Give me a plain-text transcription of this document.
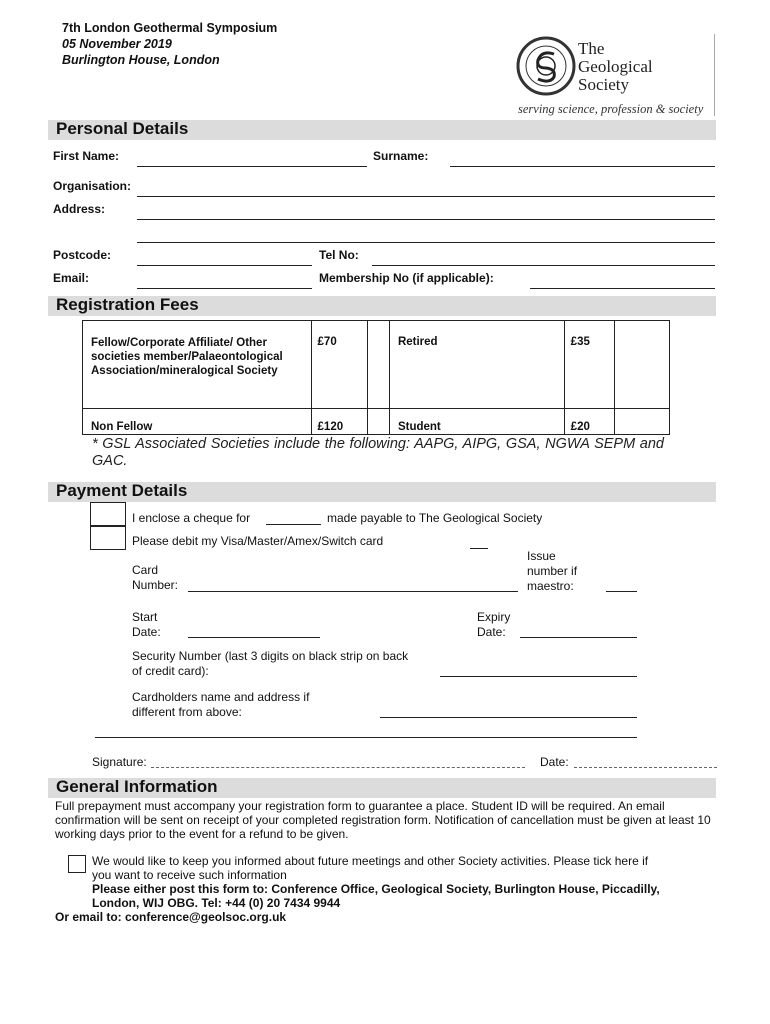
7th London Geothermal Symposium
05 November 2019
Burlington House, London
The
Geological
Society
serving science, profession & society
Personal Details
First Name:	Surname:
Organisation:
Address:
Postcode:	Tel No:
Email:	Membership No (if applicable):
Registration Fees
Fellow/Corporate Affiliate/ Other societies member/Palaeontological Association/mineralogical Society	£70		Retired	£35	
Non Fellow	£120		Student	£20	
* GSL Associated Societies include the following: AAPG, AIPG, GSA, NGWA SEPM and GAC.
Payment Details
I enclose a cheque for	made payable to The Geological Society
Please debit my Visa/Master/Amex/Switch card
Card
Number:
Issue
number if
maestro:
Start
Date:
Expiry
Date:
Security Number (last 3 digits on black strip on back
of credit card):
Cardholders name and address if
different from above:
Signature:	Date:
General Information
Full prepayment must accompany your registration form to guarantee a place. Student ID will be required. An email confirmation will be sent on receipt of your completed registration form. Notification of cancellation must be given at least 10 working days prior to the event for a refund to be given.
We would like to keep you informed about future meetings and other Society activities. Please tick here if
you want to receive such information
Please either post this form to: Conference Office, Geological Society, Burlington House, Piccadilly,
London, WIJ OBG. Tel: +44 (0) 20 7434 9944
Or email to: conference@geolsoc.org.uk
